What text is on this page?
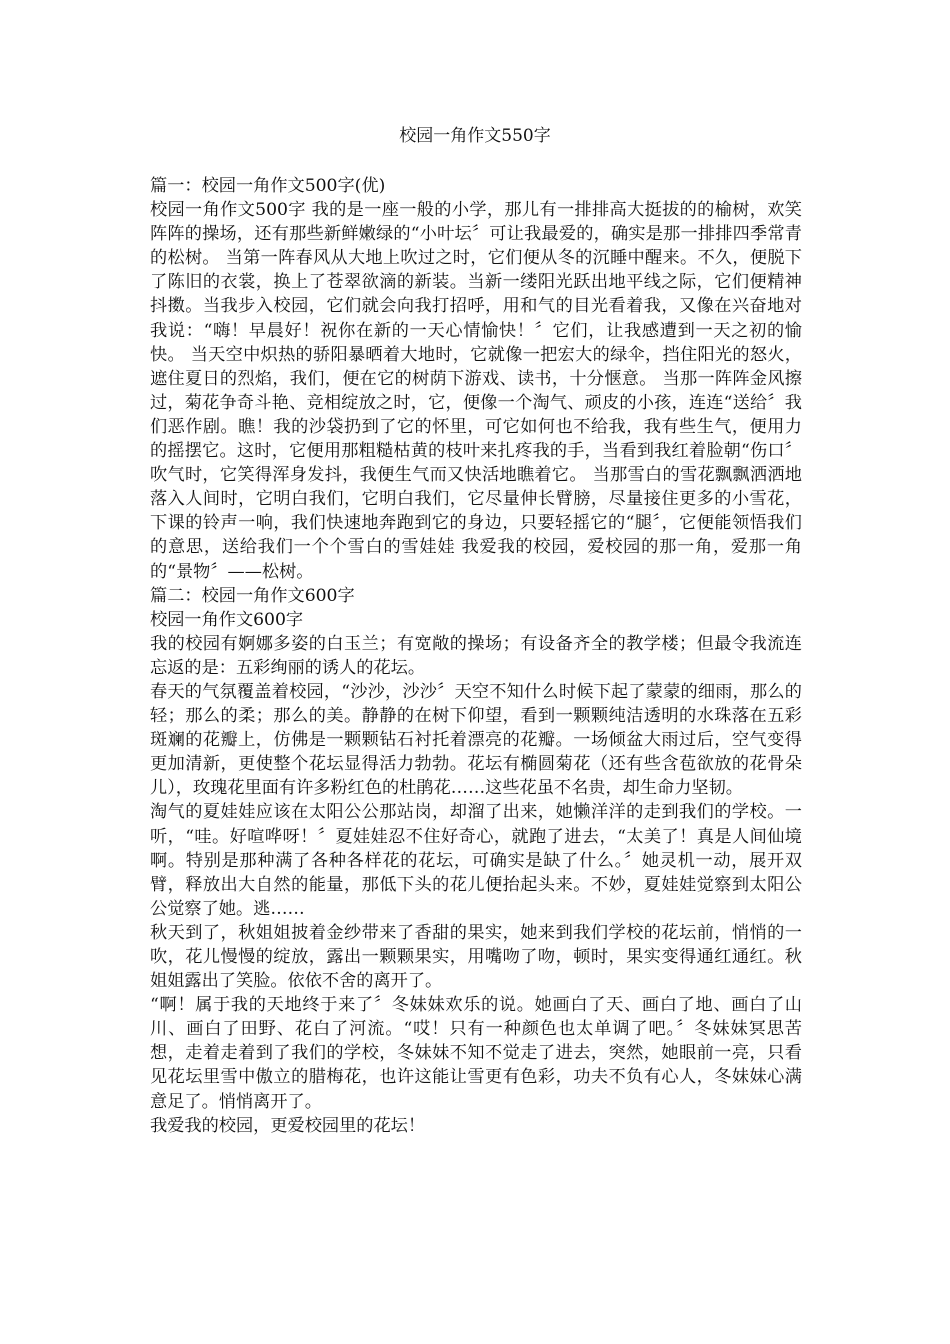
校园一角作文550字

篇一：校园一角作文500字(优)

校园一角作文500字 我的是一座一般的小学，那儿有一排排高大挺拔的的榆树，欢笑阵阵的操场，还有那些新鲜嫩绿的“小叶坛〞可让我最爱的，确实是那一排排四季常青的松树。 当第一阵春风从大地上吹过之时，它们便从冬的沉睡中醒来。不久，便脱下了陈旧的衣裳，换上了苍翠欲滴的新装。当新一缕阳光跃出地平线之际，它们便精神抖擞。当我步入校园，它们就会向我打招呼，用和气的目光看着我，又像在兴奋地对我说：“嗨！早晨好！祝你在新的一天心情愉快！〞它们，让我感遭到一天之初的愉快。 当天空中炽热的骄阳暴晒着大地时，它就像一把宏大的绿伞，挡住阳光的怒火，遮住夏日的烈焰，我们，便在它的树荫下游戏、读书，十分惬意。 当那一阵阵金风擦过，菊花争奇斗艳、竞相绽放之时，它，便像一个淘气、顽皮的小孩，连连“送给〞我们恶作剧。瞧！我的沙袋扔到了它的怀里，可它如何也不给我，我有些生气，便用力的摇摆它。这时，它便用那粗糙枯黄的枝叶来扎疼我的手，当看到我红着脸朝“伤口〞吹气时，它笑得浑身发抖，我便生气而又快活地瞧着它。 当那雪白的雪花飘飘洒洒地落入人间时，它明白我们，它明白我们，它尽量伸长臂膀，尽量接住更多的小雪花，下课的铃声一响，我们快速地奔跑到它的身边，只要轻摇它的“腿〞，它便能领悟我们的意思，送给我们一个个雪白的雪娃娃 我爱我的校园，爱校园的那一角，爱那一角的“景物〞——松树。

篇二：校园一角作文600字

校园一角作文600字

我的校园有婀娜多姿的白玉兰；有宽敞的操场；有设备齐全的教学楼；但最令我流连忘返的是：五彩绚丽的诱人的花坛。

春天的气氛覆盖着校园，“沙沙，沙沙〞天空不知什么时候下起了蒙蒙的细雨，那么的轻；那么的柔；那么的美。静静的在树下仰望，看到一颗颗纯洁透明的水珠落在五彩斑斓的花瓣上，仿佛是一颗颗钻石衬托着漂亮的花瓣。一场倾盆大雨过后，空气变得更加清新，更使整个花坛显得活力勃勃。花坛有椭圆菊花（还有些含苞欲放的花骨朵儿），玫瑰花里面有许多粉红色的杜鹃花……这些花虽不名贵，却生命力坚韧。

淘气的夏娃娃应该在太阳公公那站岗，却溜了出来，她懒洋洋的走到我们的学校。一听，“哇。好喧哗呀！〞夏娃娃忍不住好奇心，就跑了进去，“太美了！真是人间仙境啊。特别是那种满了各种各样花的花坛，可确实是缺了什么。〞她灵机一动，展开双臂，释放出大自然的能量，那低下头的花儿便抬起头来。不妙，夏娃娃觉察到太阳公公觉察了她。逃……

秋天到了，秋姐姐披着金纱带来了香甜的果实，她来到我们学校的花坛前，悄悄的一吹，花儿慢慢的绽放，露出一颗颗果实，用嘴吻了吻，顿时，果实变得通红通红。秋姐姐露出了笑脸。依依不舍的离开了。

“啊！属于我的天地终于来了〞冬妹妹欢乐的说。她画白了天、画白了地、画白了山川、画白了田野、花白了河流。“哎！只有一种颜色也太单调了吧。〞冬妹妹冥思苦想，走着走着到了我们的学校，冬妹妹不知不觉走了进去，突然，她眼前一亮，只看见花坛里雪中傲立的腊梅花，也许这能让雪更有色彩，功夫不负有心人，冬妹妹心满意足了。悄悄离开了。

我爱我的校园，更爱校园里的花坛！
